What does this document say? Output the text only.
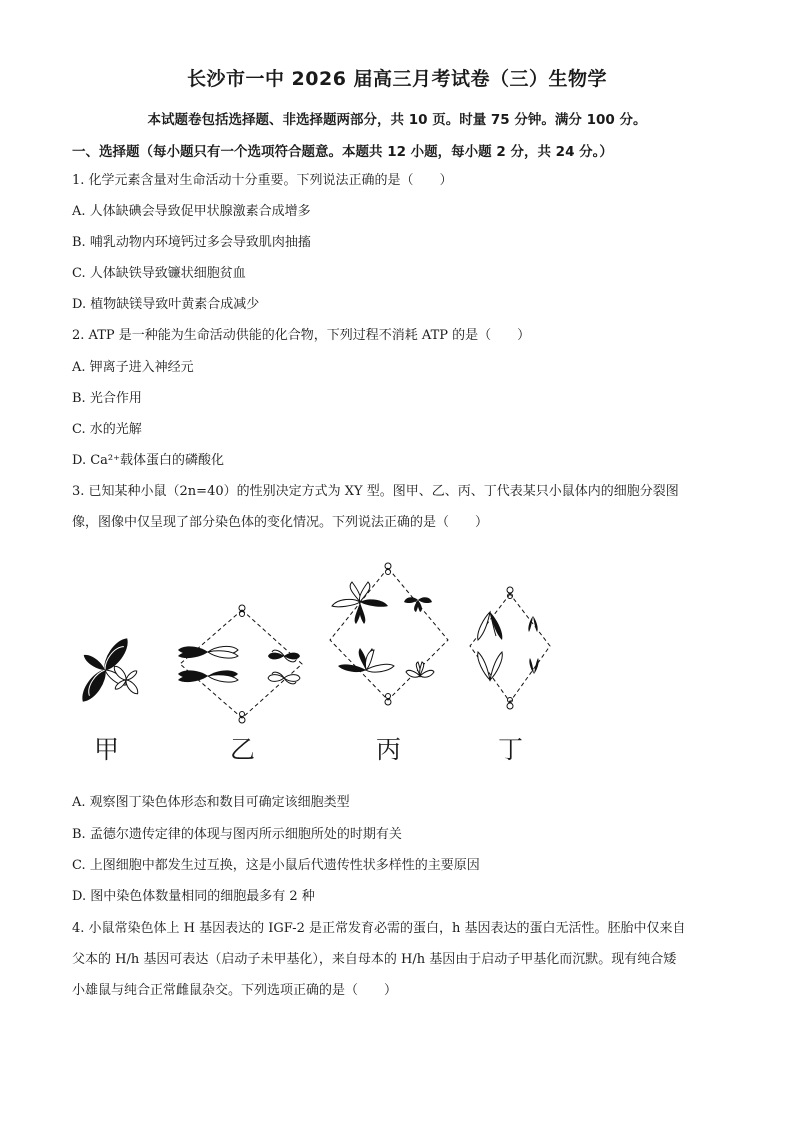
长沙市一中 2026 届高三月考试卷（三）生物学
本试题卷包括选择题、非选择题两部分，共 10 页。时量 75 分钟。满分 100 分。
一、选择题（每小题只有一个选项符合题意。本题共 12 小题，每小题 2 分，共 24 分。）
1. 化学元素含量对生命活动十分重要。下列说法正确的是（　　）
A. 人体缺碘会导致促甲状腺激素合成增多
B. 哺乳动物内环境钙过多会导致肌肉抽搐
C. 人体缺铁导致镰状细胞贫血
D. 植物缺镁导致叶黄素合成减少
2. ATP 是一种能为生命活动供能的化合物，下列过程不消耗 ATP 的是（　　）
A. 钾离子进入神经元
B. 光合作用
C. 水的光解
D. Ca²⁺载体蛋白的磷酸化
3. 已知某种小鼠（2n=40）的性别决定方式为 XY 型。图甲、乙、丙、丁代表某只小鼠体内的细胞分裂图
像，图像中仅呈现了部分染色体的变化情况。下列说法正确的是（　　）
甲	乙	丙	丁
A. 观察图丁染色体形态和数目可确定该细胞类型
B. 孟德尔遗传定律的体现与图丙所示细胞所处的时期有关
C. 上图细胞中都发生过互换，这是小鼠后代遗传性状多样性的主要原因
D. 图中染色体数量相同的细胞最多有 2 种
4. 小鼠常染色体上 H 基因表达的 IGF-2 是正常发育必需的蛋白，h 基因表达的蛋白无活性。胚胎中仅来自
父本的 H/h 基因可表达（启动子未甲基化），来自母本的 H/h 基因由于启动子甲基化而沉默。现有纯合矮
小雄鼠与纯合正常雌鼠杂交。下列选项正确的是（　　）
